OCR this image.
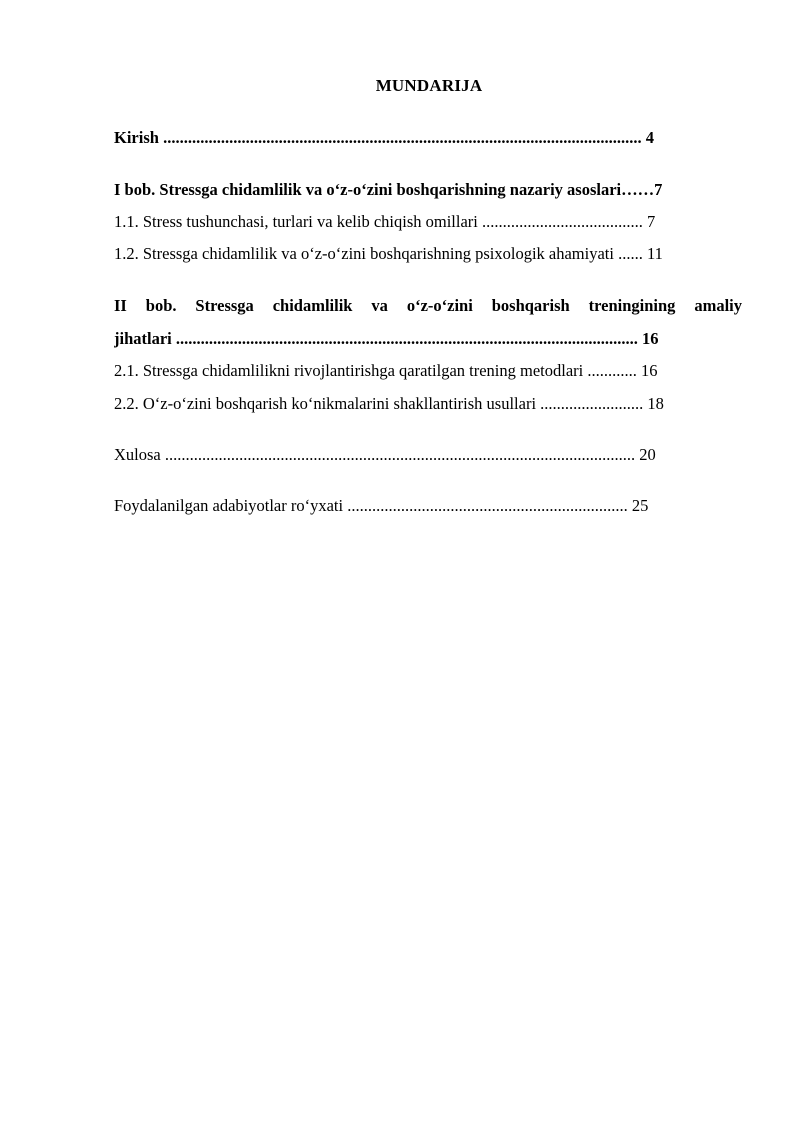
MUNDARIJA
Kirish .................................................................................................................... 4
I bob. Stressga chidamlilik va o‘z-o‘zini boshqarishning nazariy asoslari……7
1.1. Stress tushunchasi, turlari va kelib chiqish omillari ....................................... 7
1.2. Stressga chidamlilik va o‘z-o‘zini boshqarishning psixologik ahamiyati ...... 11
II bob. Stressga chidamlilik va o‘z-o‘zini boshqarish treningining amaliy
jihatlari ................................................................................................................ 16
2.1. Stressga chidamlilikni rivojlantirishga qaratilgan trening metodlari ............ 16
2.2. O‘z-o‘zini boshqarish ko‘nikmalarini shakllantirish usullari ......................... 18
Xulosa .................................................................................................................. 20
Foydalanilgan adabiyotlar ro‘yxati .................................................................... 25
